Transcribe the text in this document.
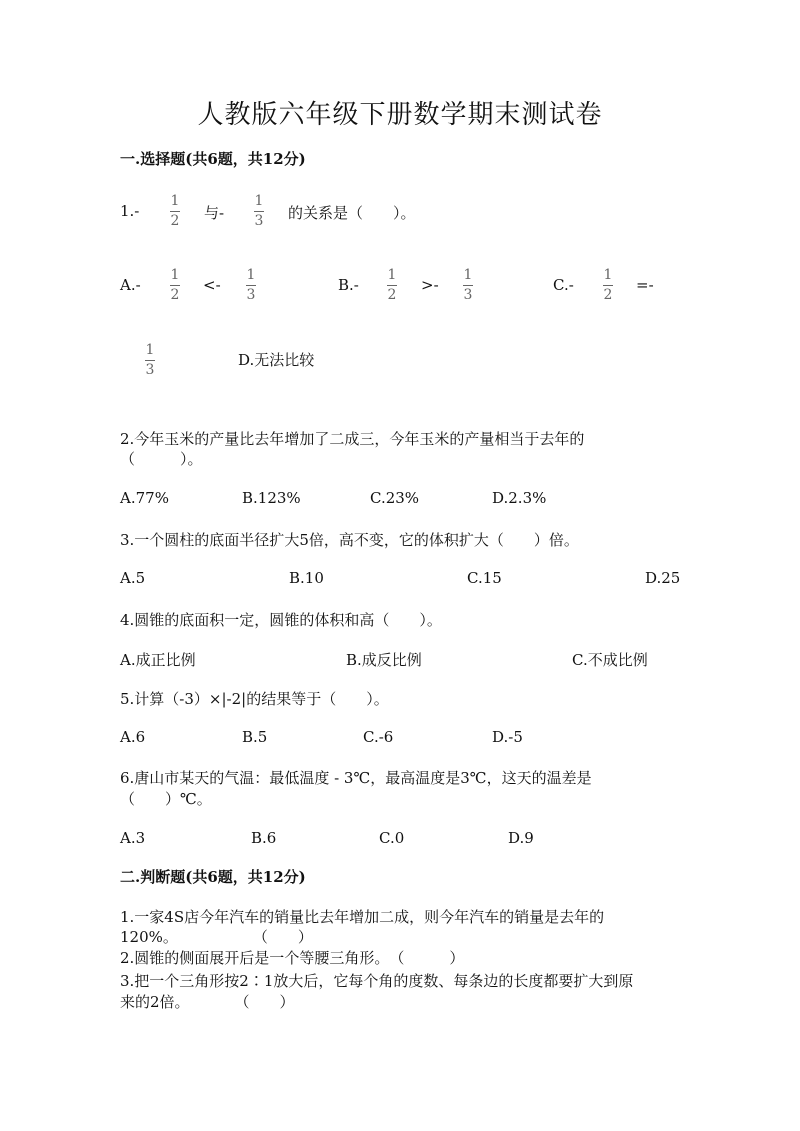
人教版六年级下册数学期末测试卷
一.选择题(共6题，共12分)
1.-
1
2 与-
1
3 的关系是（　　）。
A.-
1
2
<-
1
3
B.-
1
2
>-
1
3
C.-
1
2
=-
1
3
D.无法比较
2.今年玉米的产量比去年增加了二成三，今年玉米的产量相当于去年的
（　　　）。
A.77%	B.123%	C.23%	D.2.3%
3.一个圆柱的底面半径扩大5倍，高不变，它的体积扩大（　　）倍。
A.5	B.10	C.15	D.25
4.圆锥的底面积一定，圆锥的体积和高（　　）。
A.成正比例	B.成反比例	C.不成比例
5.计算（-3）×|-2|的结果等于（　　）。
A.6	B.5	C.-6	D.-5
6.唐山市某天的气温：最低温度 - 3℃，最高温度是3℃，这天的温差是
（　　）℃。
A.3	B.6	C.0	D.9
二.判断题(共6题，共12分)
1.一家4S店今年汽车的销量比去年增加二成，则今年汽车的销量是去年的
120%。　　　　　　（　　）
2.圆锥的侧面展开后是一个等腰三角形。　（　　　）
3.把一个三角形按2∶1放大后，它每个角的度数、每条边的长度都要扩大到原
来的2倍。　　　　（　　）
